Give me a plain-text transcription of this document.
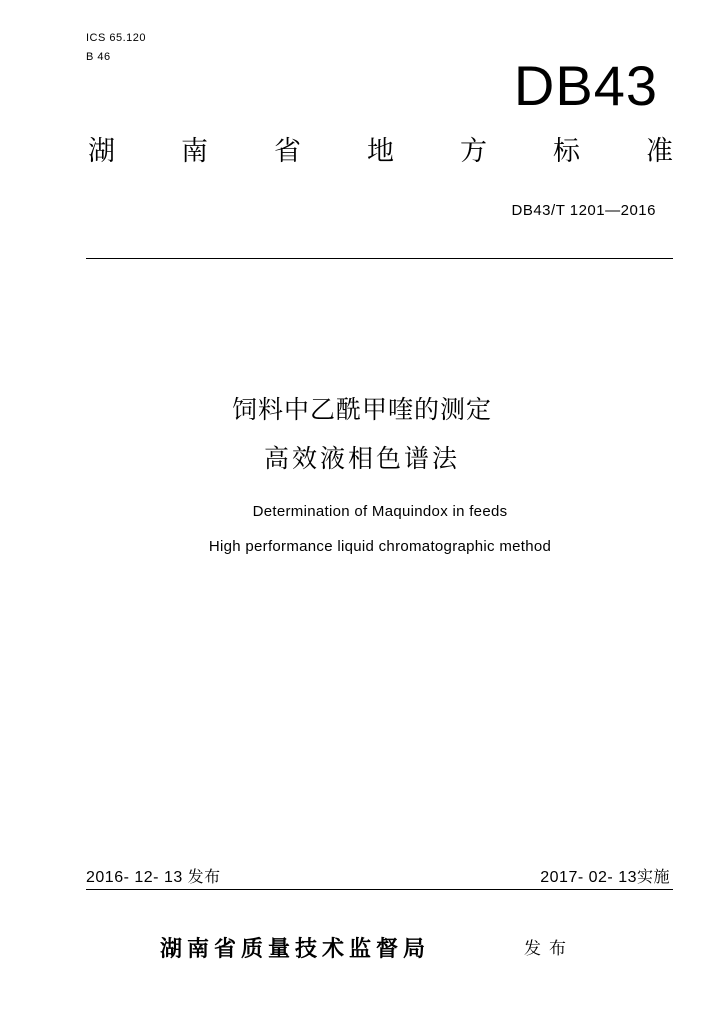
ICS 65.120
B 46	DB43
湖 南 省 地 方 标 准
DB43/T 1201—2016
饲料中乙酰甲喹的测定
高效液相色谱法
Determination of Maquindox in feeds
High performance liquid chromatographic method
2016- 12- 13 发布	2017- 02- 13实施
湖南省质量技术监督局	发布
